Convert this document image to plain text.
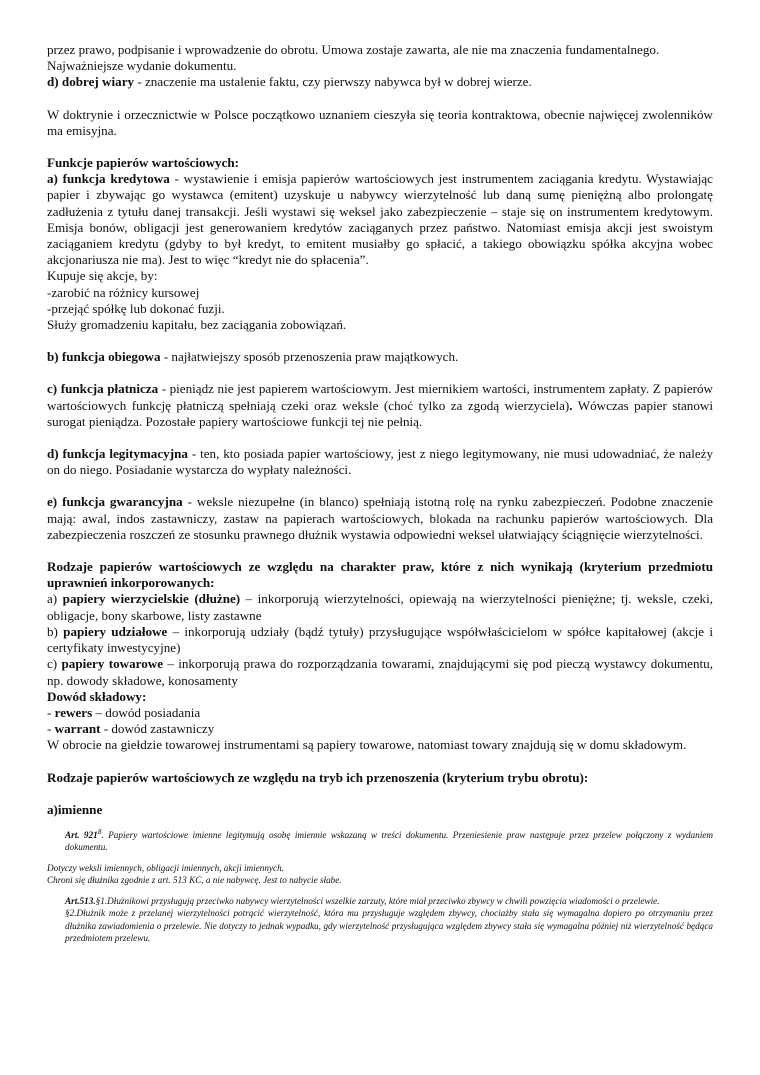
przez prawo, podpisanie i wprowadzenie do obrotu. Umowa zostaje zawarta, ale nie ma znaczenia fundamentalnego.
Najważniejsze wydanie dokumentu.

d) dobrej wiary - znaczenie ma ustalenie faktu, czy pierwszy nabywca był w dobrej wierze.

W doktrynie i orzecznictwie w Polsce początkowo uznaniem cieszyła się teoria kontraktowa, obecnie najwięcej zwolenników ma emisyjna.

Funkcje papierów wartościowych:

a) funkcja kredytowa - wystawienie i emisja papierów wartościowych jest instrumentem zaciągania kredytu. Wystawiając papier i zbywając go wystawca (emitent) uzyskuje u nabywcy wierzytelność lub daną sumę pieniężną albo prolongatę zadłużenia z tytułu danej transakcji. Jeśli wystawi się weksel jako zabezpieczenie – staje się on instrumentem kredytowym. Emisja bonów, obligacji jest generowaniem kredytów zaciąganych przez państwo. Natomiast emisja akcji jest swoistym zaciąganiem kredytu (gdyby to był kredyt, to emitent musiałby go spłacić, a takiego obowiązku spółka akcyjna wobec akcjonariusza nie ma). Jest to więc “kredyt nie do spłacenia”.

Kupuje się akcje, by:

-zarobić na różnicy kursowej

-przejąć spółkę lub dokonać fuzji.

Służy gromadzeniu kapitału, bez zaciągania zobowiązań.

b) funkcja obiegowa - najłatwiejszy sposób przenoszenia praw majątkowych.

c) funkcja płatnicza - pieniądz nie jest papierem wartościowym. Jest miernikiem wartości, instrumentem zapłaty. Z papierów wartościowych funkcję płatniczą spełniają czeki oraz weksle (choć tylko za zgodą wierzyciela). Wówczas papier stanowi surogat pieniądza. Pozostałe papiery wartościowe funkcji tej nie pełnią.

d) funkcja legitymacyjna - ten, kto posiada papier wartościowy, jest z niego legitymowany, nie musi udowadniać, że należy on do niego. Posiadanie wystarcza do wypłaty należności.

e) funkcja gwarancyjna - weksle niezupełne (in blanco) spełniają istotną rolę na rynku zabezpieczeń. Podobne znaczenie mają: awal, indos zastawniczy, zastaw na papierach wartościowych, blokada na rachunku papierów wartościowych. Dla zabezpieczenia roszczeń ze stosunku prawnego dłużnik wystawia odpowiedni weksel ułatwiający ściągnięcie wierzytelności.

Rodzaje papierów wartościowych ze względu na charakter praw, które z nich wynikają (kryterium przedmiotu uprawnień inkorporowanych:

a) papiery wierzycielskie (dłużne) – inkorporują wierzytelności, opiewają na wierzytelności pieniężne; tj. weksle, czeki, obligacje, bony skarbowe, listy zastawne

b) papiery udziałowe – inkorporują udziały (bądź tytuły) przysługujące współwłaścicielom w spółce kapitałowej (akcje i certyfikaty inwestycyjne)

c) papiery towarowe – inkorporują prawa do rozporządzania towarami, znajdującymi się pod pieczą wystawcy dokumentu, np. dowody składowe, konosamenty

Dowód składowy:

- rewers – dowód posiadania

- warrant - dowód zastawniczy

W obrocie na giełdzie towarowej instrumentami są papiery towarowe, natomiast towary znajdują się w domu składowym.

Rodzaje papierów wartościowych ze względu na tryb ich przenoszenia (kryterium trybu obrotu):

a)imienne

Art. $921^8$. Papiery wartościowe imienne legitymują osobę imiennie wskazaną w treści dokumentu. Przeniesienie praw następuje przez przelew połączony z wydaniem dokumentu.

Dotyczy weksli imiennych, obligacji imiennych, akcji imiennych.

Chroni się dłużnika zgodnie z art. 513 KC, a nie nabywcę. Jest to nabycie słabe.

Art.513.§1.Dłużnikowi przysługują przeciwko nabywcy wierzytelności wszelkie zarzuty, które miał przeciwko zbywcy w chwili powzięcia wiadomości o przelewie.

§2.Dłużnik może z przelanej wierzytelności potrącić wierzytelność, która mu przysługuje względem zbywcy, chociażby stała się wymagalna dopiero po otrzymaniu przez dłużnika zawiadomienia o przelewie. Nie dotyczy to jednak wypadku, gdy wierzytelność przysługująca względem zbywcy stała się wymagalna później niż wierzytelność będąca przedmiotem przelewu.
